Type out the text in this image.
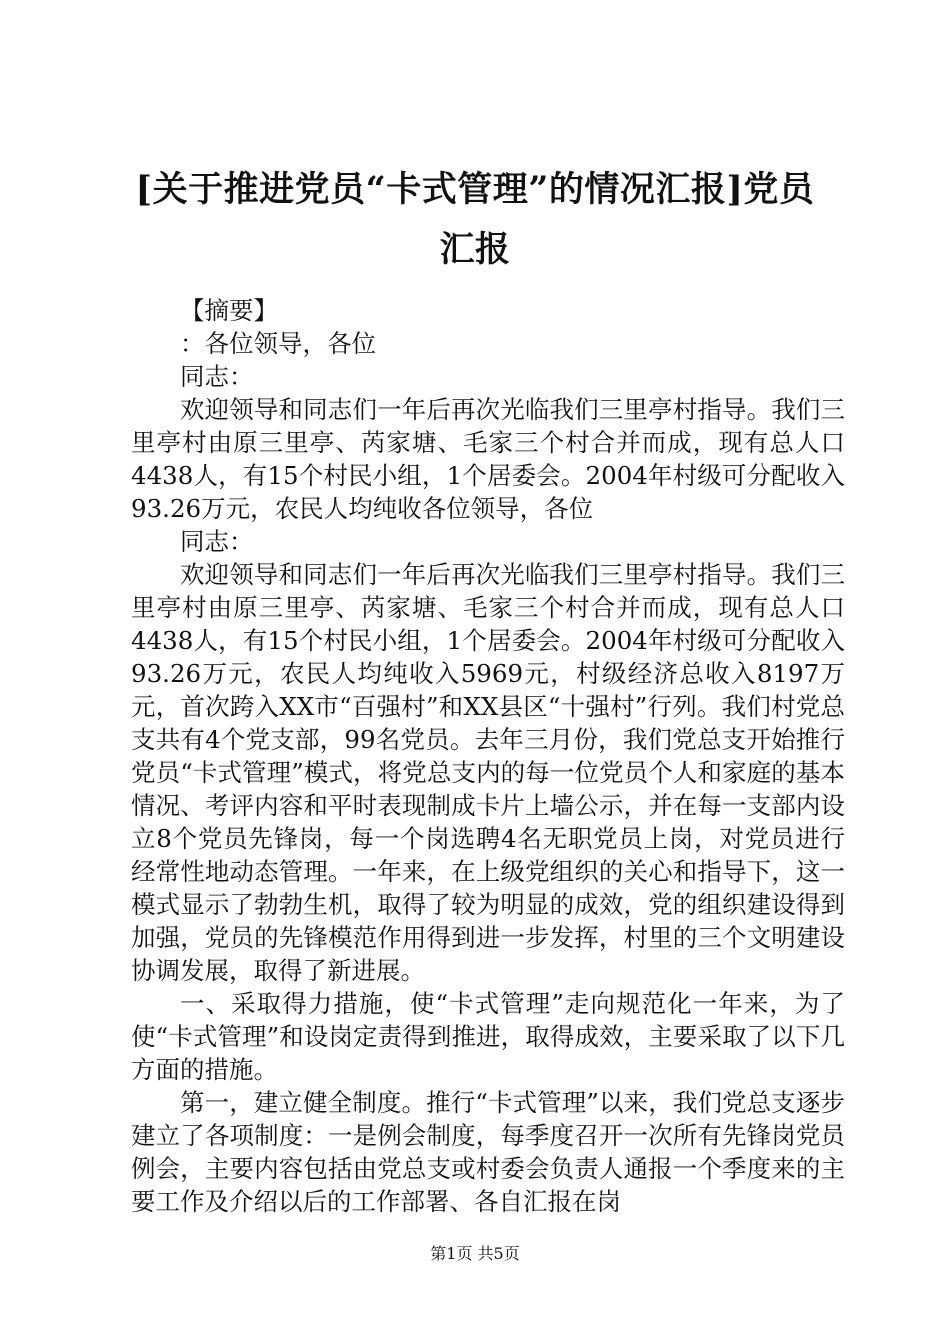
[关于推进党员“卡式管理”的情况汇报]党员汇报

【摘要】

：各位领导，各位

同志：

欢迎领导和同志们一年后再次光临我们三里亭村指导。我们三里亭村由原三里亭、芮家塘、毛家三个村合并而成，现有总人口4438人，有15个村民小组，1个居委会。2004年村级可分配收入93.26万元，农民人均纯收各位领导，各位

同志：

欢迎领导和同志们一年后再次光临我们三里亭村指导。我们三里亭村由原三里亭、芮家塘、毛家三个村合并而成，现有总人口4438人，有15个村民小组，1个居委会。2004年村级可分配收入93.26万元，农民人均纯收入5969元，村级经济总收入8197万元，首次跨入XX市“百强村”和XX县区“十强村”行列。我们村党总支共有4个党支部，99名党员。去年三月份，我们党总支开始推行党员“卡式管理”模式，将党总支内的每一位党员个人和家庭的基本情况、考评内容和平时表现制成卡片上墙公示，并在每一支部内设立8个党员先锋岗，每一个岗选聘4名无职党员上岗，对党员进行经常性地动态管理。一年来，在上级党组织的关心和指导下，这一模式显示了勃勃生机，取得了较为明显的成效，党的组织建设得到加强，党员的先锋模范作用得到进一步发挥，村里的三个文明建设协调发展，取得了新进展。

一、采取得力措施，使“卡式管理”走向规范化一年来，为了使“卡式管理”和设岗定责得到推进，取得成效，主要采取了以下几方面的措施。

第一，建立健全制度。推行“卡式管理”以来，我们党总支逐步建立了各项制度：一是例会制度，每季度召开一次所有先锋岗党员例会，主要内容包括由党总支或村委会负责人通报一个季度来的主要工作及介绍以后的工作部署、各自汇报在岗

第1页 共5页
